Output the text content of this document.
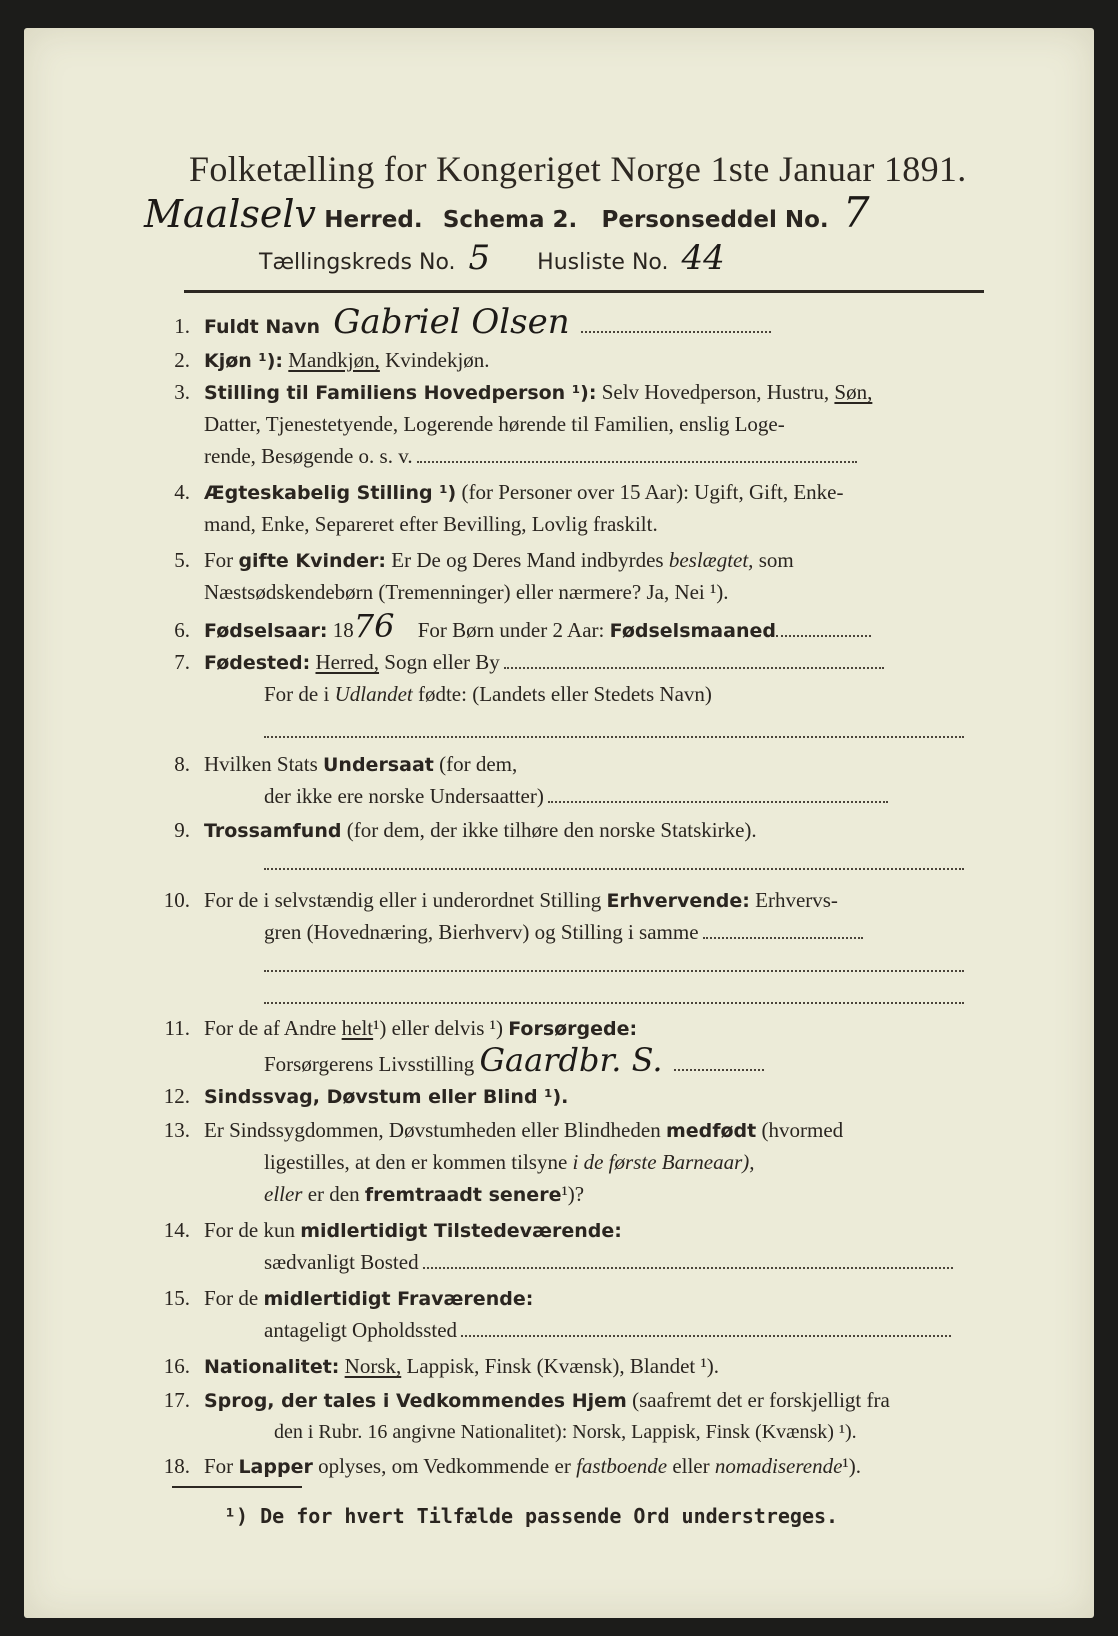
Folketælling for Kongeriget Norge 1ste Januar 1891.
Maalselv Herred. Schema 2. Personseddel No. 7
Tællingskreds No. 5 Husliste No. 44
1. Fuldt Navn Gabriel Olsen
2. Kjøn ¹): Mandkjøn, Kvindekjøn.
3. Stilling til Familiens Hovedperson ¹): Selv Hovedperson, Hustru, Søn,
Datter, Tjenestetyende, Logerende hørende til Familien, enslig Loge-
rende, Besøgende o. s. v.
4. Ægteskabelig Stilling ¹) (for Personer over 15 Aar): Ugift, Gift, Enke-
mand, Enke, Separeret efter Bevilling, Lovlig fraskilt.
5. For gifte Kvinder: Er De og Deres Mand indbyrdes beslægtet, som
Næstsødskendebørn (Tremenninger) eller nærmere? Ja, Nei ¹).
6. Fødselsaar: 1876 For Børn under 2 Aar: Fødselsmaaned
7. Fødested: Herred, Sogn eller By
For de i Udlandet fødte: (Landets eller Stedets Navn)
8. Hvilken Stats Undersaat (for dem,
der ikke ere norske Undersaatter)
9. Trossamfund (for dem, der ikke tilhøre den norske Statskirke).
10. For de i selvstændig eller i underordnet Stilling Erhvervende: Erhvervs-
gren (Hovednæring, Bierhverv) og Stilling i samme
11. For de af Andre helt¹) eller delvis ¹) Forsørgede:
Forsørgerens Livsstilling Gaardbr. S.
12. Sindssvag, Døvstum eller Blind ¹).
13. Er Sindssygdommen, Døvstumheden eller Blindheden medfødt (hvormed
ligestilles, at den er kommen tilsyne i de første Barneaar),
eller er den fremtraadt senere¹)?
14. For de kun midlertidigt Tilstedeværende:
sædvanligt Bosted
15. For de midlertidigt Fraværende:
antageligt Opholdssted
16. Nationalitet: Norsk, Lappisk, Finsk (Kvænsk), Blandet ¹).
17. Sprog, der tales i Vedkommendes Hjem (saafremt det er forskjelligt fra
den i Rubr. 16 angivne Nationalitet): Norsk, Lappisk, Finsk (Kvænsk) ¹).
18. For Lapper oplyses, om Vedkommende er fastboende eller nomadiserende¹).
¹) De for hvert Tilfælde passende Ord understreges.
